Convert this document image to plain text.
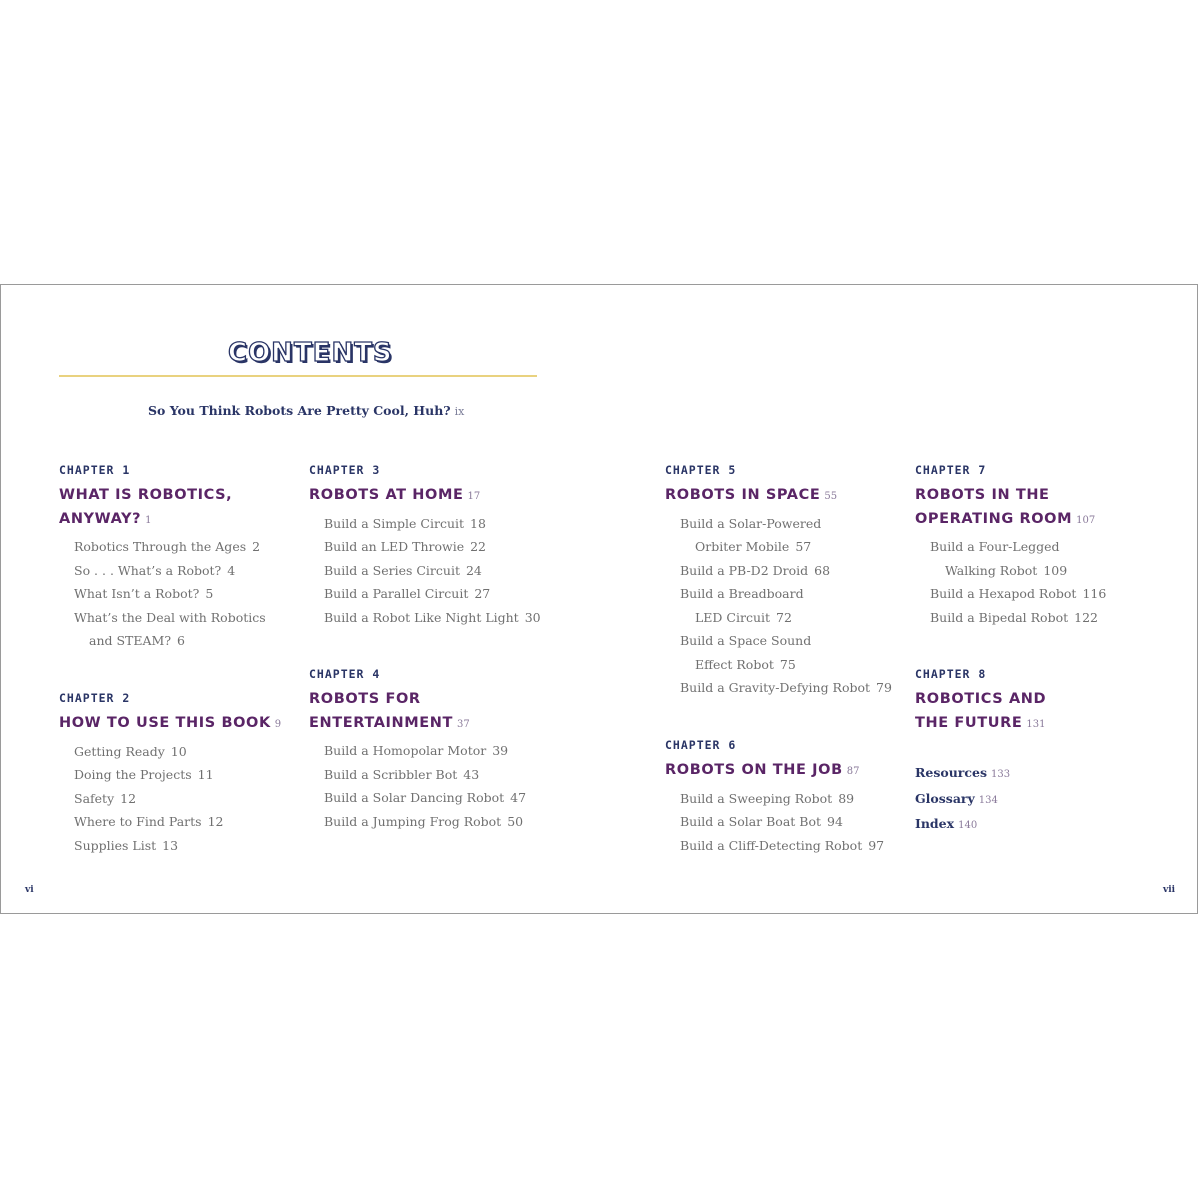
CONTENTS
So You Think Robots Are Pretty Cool, Huh? ix
CHAPTER 1
WHAT IS ROBOTICS,
ANYWAY? 1
Robotics Through the Ages 2
So . . . What’s a Robot? 4
What Isn’t a Robot? 5
What’s the Deal with Robotics
and STEAM? 6
CHAPTER 2
HOW TO USE THIS BOOK 9
Getting Ready 10
Doing the Projects 11
Safety 12
Where to Find Parts 12
Supplies List 13
CHAPTER 3
ROBOTS AT HOME 17
Build a Simple Circuit 18
Build an LED Throwie 22
Build a Series Circuit 24
Build a Parallel Circuit 27
Build a Robot Like Night Light 30
CHAPTER 4
ROBOTS FOR
ENTERTAINMENT 37
Build a Homopolar Motor 39
Build a Scribbler Bot 43
Build a Solar Dancing Robot 47
Build a Jumping Frog Robot 50
CHAPTER 5
ROBOTS IN SPACE 55
Build a Solar-Powered
Orbiter Mobile 57
Build a PB-D2 Droid 68
Build a Breadboard
LED Circuit 72
Build a Space Sound
Effect Robot 75
Build a Gravity-Defying Robot 79
CHAPTER 6
ROBOTS ON THE JOB 87
Build a Sweeping Robot 89
Build a Solar Boat Bot 94
Build a Cliff-Detecting Robot 97
CHAPTER 7
ROBOTS IN THE
OPERATING ROOM 107
Build a Four-Legged
Walking Robot 109
Build a Hexapod Robot 116
Build a Bipedal Robot 122
CHAPTER 8
ROBOTICS AND
THE FUTURE 131
Resources 133
Glossary 134
Index 140
vi	vii
